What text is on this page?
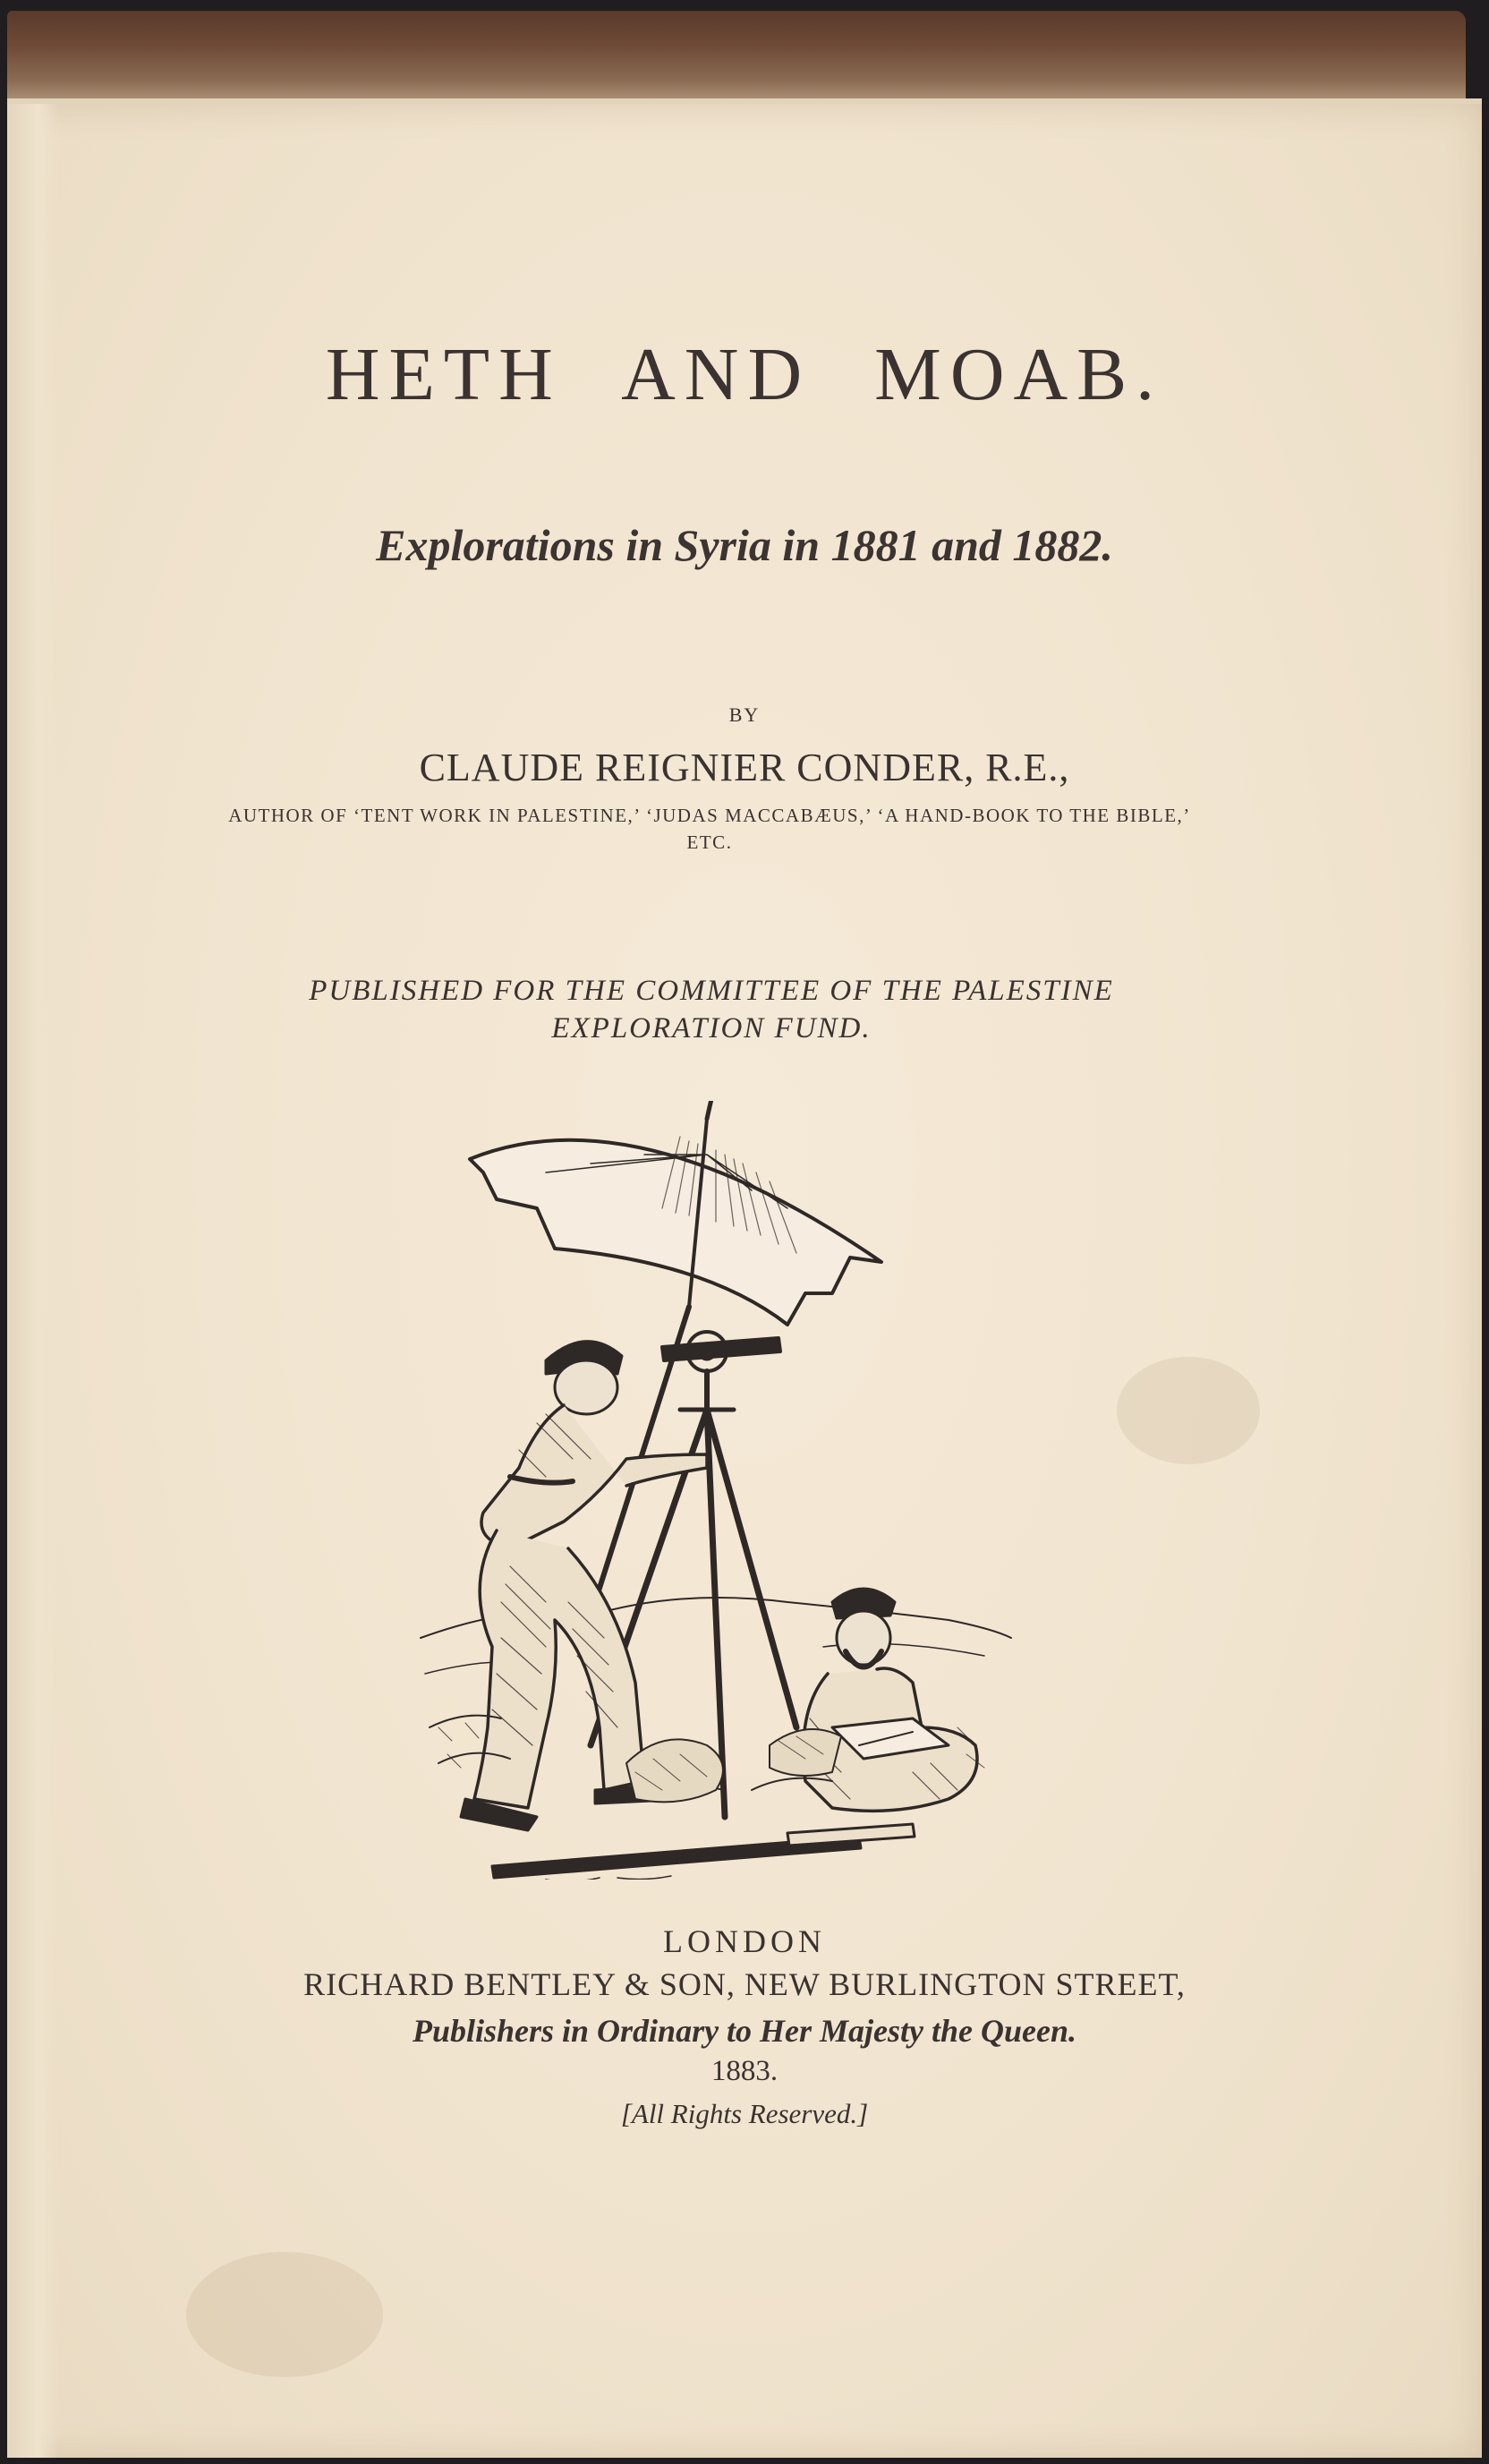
HETH AND MOAB.

Explorations in Syria in 1881 and 1882.

BY

CLAUDE REIGNIER CONDER, R.E.,

AUTHOR OF ‘TENT WORK IN PALESTINE,’ ‘JUDAS MACCABÆUS,’ ‘A HAND-BOOK TO THE BIBLE,’ ETC.

PUBLISHED FOR THE COMMITTEE OF THE PALESTINE EXPLORATION FUND.

LONDON

RICHARD BENTLEY & SON, NEW BURLINGTON STREET,

Publishers in Ordinary to Her Majesty the Queen.

1883.

[All Rights Reserved.]
